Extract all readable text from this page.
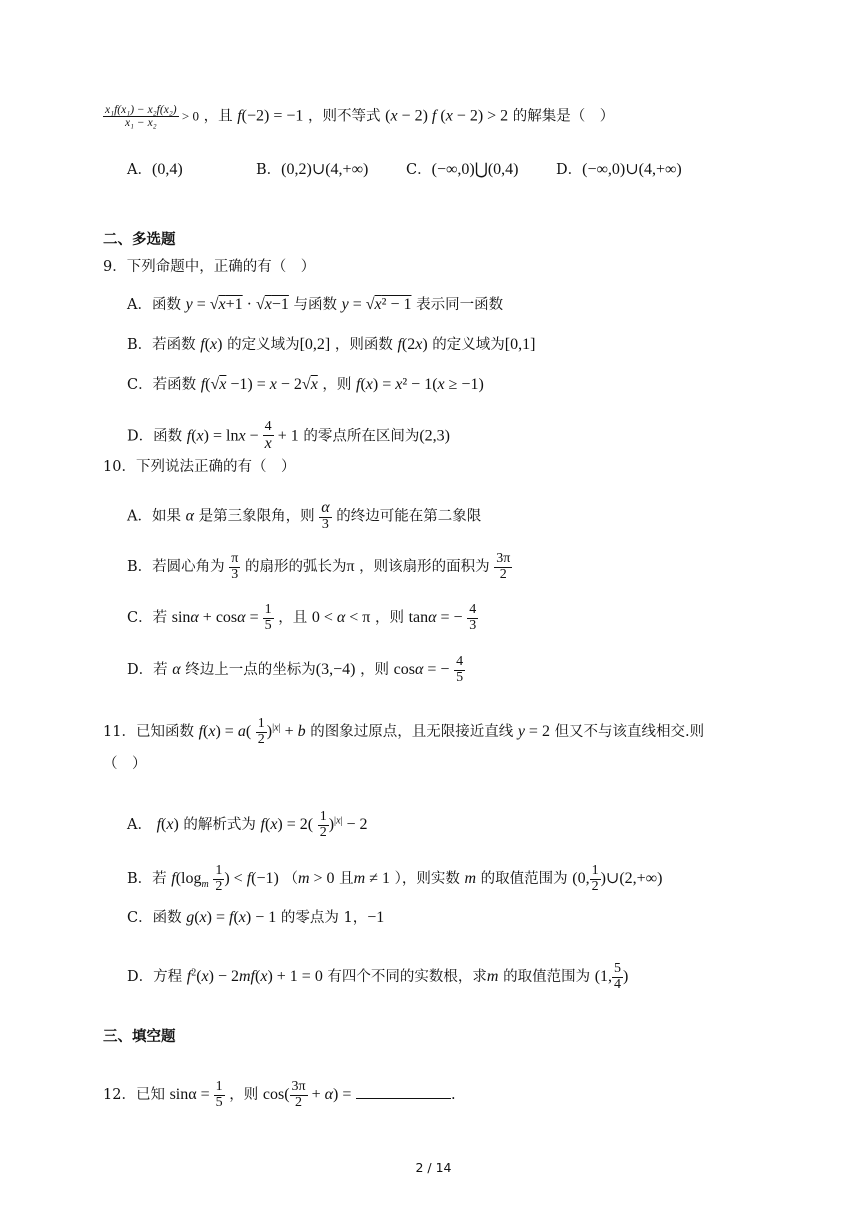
$\frac{\text{x₁f(x₁) − x₂f(x₂)}}{\text{x₁ − x₂}} > 0$ ，且 f(−2) = −1 ，则不等式 (x − 2) f (x − 2) > 2 的解集是（　）
A．(0,4)	B．(0,2)∪(4,+∞)	C．(−∞,0)⋃(0,4)	D．(−∞,0)∪(4,+∞)
二、多选题
9．下列命题中，正确的有（　）
A．函数 y = √x+1 · √x−1 与函数 y = √x² − 1 表示同一函数
B．若函数 f(x) 的定义域为[0,2] ，则函数 f(2x) 的定义域为[0,1]
C．若函数 f(√x −1) = x − 2√x ，则 f(x) = x² − 1(x ≥ −1)
D．函数 $f(x) = \ln x - \frac{4}{x} + 1$ 的零点所在区间为(2,3)
10．下列说法正确的有（　）
A．如果 α 是第三象限角，则 $\frac{\alpha}{3}$ 的终边可能在第二象限
B．若圆心角为 $\frac{\pi}{3}$ 的扇形的弧长为π ，则该扇形的面积为 $\frac{3\pi}{2}$
C．若 $\sin\alpha + \cos\alpha = \frac{1}{5}$ ，且 0 < α < π ，则 tanα = − $\frac{4}{3}$
D．若 α 终边上一点的坐标为(3,−4) ，则 cosα = − $\frac{4}{5}$
11．已知函数 $f(x) = a( \frac{1}{2} )^{|x|} + b$ 的图象过原点，且无限接近直线 y = 2 但又不与该直线相交.则
（　）
A． f(x) 的解析式为 $f(x) = 2( \frac{1}{2} )^{|x|} - 2$
B．若 $f(\log_m \frac{1}{2}$ ) < f(−1) （m > 0 且m ≠ 1 ），则实数 m 的取值范围为 (0, $\frac{1}{2}$ )∪(2,+∞)
C．函数 g(x) = f(x) − 1 的零点为 1，−1
D．方程 $f^2(x) - 2mf(x) + 1 = 0$ 有四个不同的实数根，求m 的取值范围为 (1, $\frac{5}{4}$ )
三、填空题
12．已知 $\sin\alpha = \frac{1}{5}$ ，则 $\cos( \frac{3\pi}{2} + \alpha)$ =	.
2 / 14
